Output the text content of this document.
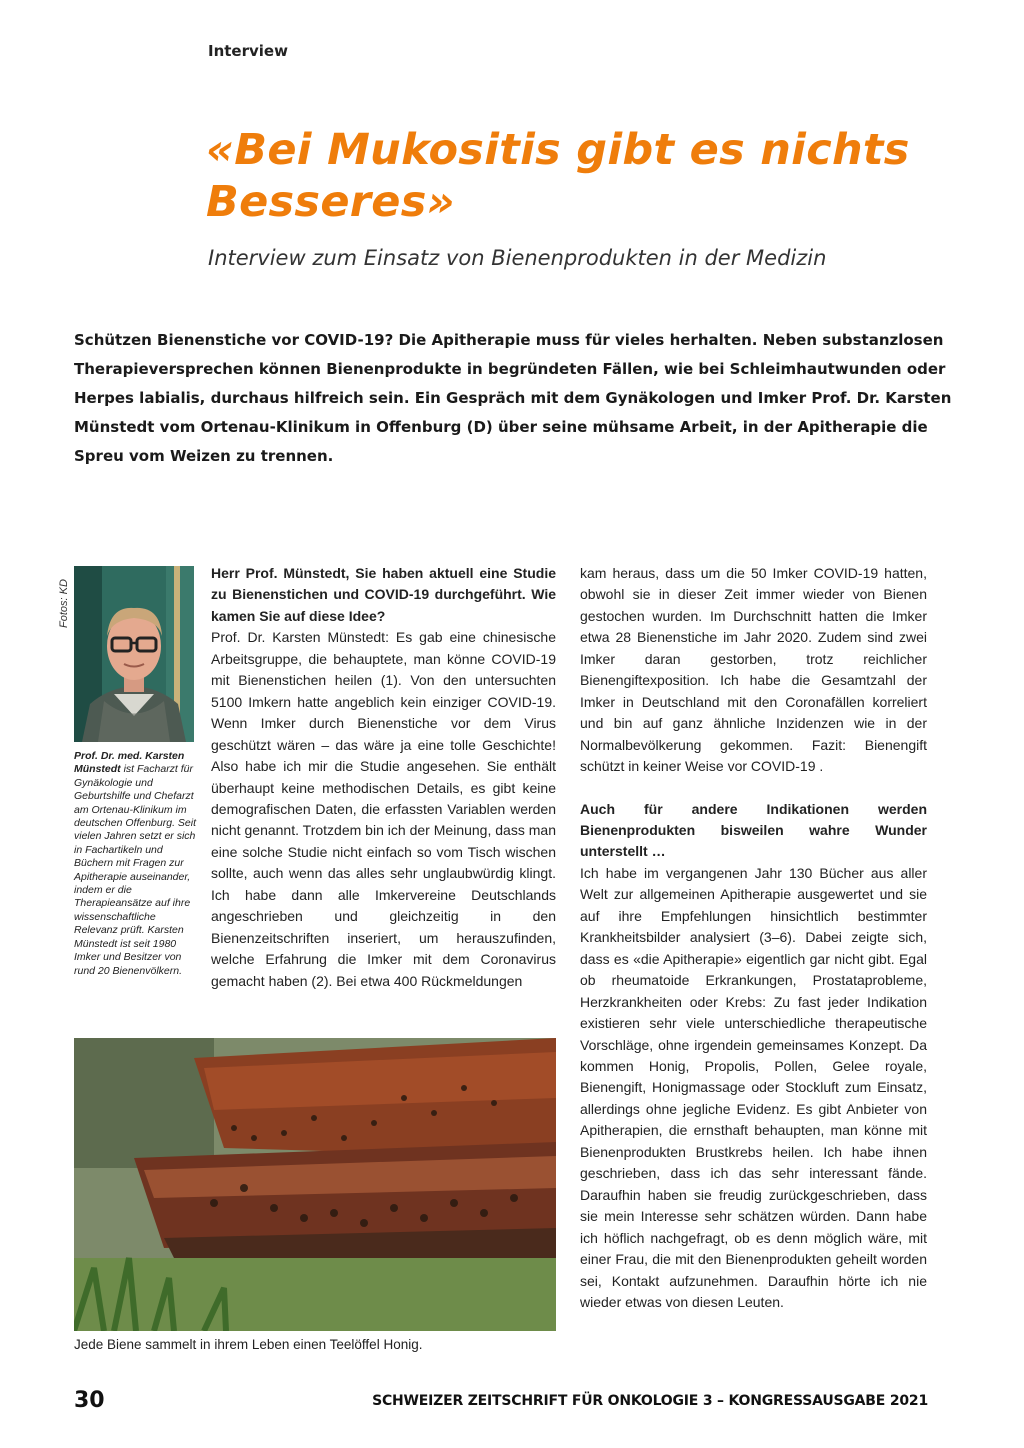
Interview
«Bei Mukositis gibt es nichts Besseres»

Interview zum Einsatz von Bienenprodukten in der Medizin

Schützen Bienenstiche vor COVID-19? Die Apitherapie muss für vieles herhalten. Neben substanzlosen Therapieversprechen können Bienenprodukte in begründeten Fällen, wie bei Schleimhautwunden oder Herpes labialis, durchaus hilfreich sein. Ein Gespräch mit dem Gynäkologen und Imker Prof. Dr. Karsten Münstedt vom Ortenau-Klinikum in Offenburg (D) über seine mühsame Arbeit, in der Apitherapie die Spreu vom Weizen zu trennen.

Fotos: KD

Prof. Dr. med. Karsten Münstedt ist Facharzt für Gynäkologie und Geburtshilfe und Chefarzt am Ortenau-Klinikum im deutschen Offenburg. Seit vielen Jahren setzt er sich in Fachartikeln und Büchern mit Fragen zur Apitherapie auseinander, indem er die Therapieansätze auf ihre wissenschaftliche Relevanz prüft. Karsten Münstedt ist seit 1980 Imker und Besitzer von rund 20 Bienenvölkern.

Herr Prof. Münstedt, Sie haben aktuell eine Studie zu Bienenstichen und COVID-19 durchgeführt. Wie kamen Sie auf diese Idee?

Prof. Dr. Karsten Münstedt: Es gab eine chinesische Arbeitsgruppe, die behauptete, man könne COVID-19 mit Bienenstichen heilen (1). Von den untersuchten 5100 Imkern hatte angeblich kein einziger COVID-19. Wenn Imker durch Bienenstiche vor dem Virus geschützt wären – das wäre ja eine tolle Geschichte! Also habe ich mir die Studie angesehen. Sie enthält überhaupt keine methodischen Details, es gibt keine demografischen Daten, die erfassten Variablen werden nicht genannt. Trotzdem bin ich der Meinung, dass man eine solche Studie nicht einfach so vom Tisch wischen sollte, auch wenn das alles sehr unglaubwürdig klingt. Ich habe dann alle Imkervereine Deutschlands angeschrieben und gleichzeitig in den Bienenzeitschriften inseriert, um herauszufinden, welche Erfahrung die Imker mit dem Coronavirus gemacht haben (2). Bei etwa 400 Rückmeldungen

kam heraus, dass um die 50 Imker COVID-19 hatten, obwohl sie in dieser Zeit immer wieder von Bienen gestochen wurden. Im Durchschnitt hatten die Imker etwa 28 Bienenstiche im Jahr 2020. Zudem sind zwei Imker daran gestorben, trotz reichlicher Bienengiftexposition. Ich habe die Gesamtzahl der Imker in Deutschland mit den Coronafällen korreliert und bin auf ganz ähnliche Inzidenzen wie in der Normalbevölkerung gekommen. Fazit: Bienengift schützt in keiner Weise vor COVID-19 .

Auch für andere Indikationen werden Bienenprodukten bisweilen wahre Wunder unterstellt …

Ich habe im vergangenen Jahr 130 Bücher aus aller Welt zur allgemeinen Apitherapie ausgewertet und sie auf ihre Empfehlungen hinsichtlich bestimmter Krankheitsbilder analysiert (3–6). Dabei zeigte sich, dass es «die Apitherapie» eigentlich gar nicht gibt. Egal ob rheumatoide Erkrankungen, Prostataprobleme, Herzkrankheiten oder Krebs: Zu fast jeder Indikation existieren sehr viele unterschiedliche therapeutische Vorschläge, ohne irgendein gemeinsames Konzept. Da kommen Honig, Propolis, Pollen, Gelee royale, Bienengift, Honigmassage oder Stockluft zum Einsatz, allerdings ohne jegliche Evidenz. Es gibt Anbieter von Apitherapien, die ernsthaft behaupten, man könne mit Bienenprodukten Brustkrebs heilen. Ich habe ihnen geschrieben, dass ich das sehr interessant fände. Daraufhin haben sie freudig zurückgeschrieben, dass sie mein Interesse sehr schätzen würden. Dann habe ich höflich nachgefragt, ob es denn möglich wäre, mit einer Frau, die mit den Bienenprodukten geheilt worden sei, Kontakt aufzunehmen. Daraufhin hörte ich nie wieder etwas von diesen Leuten.

Jede Biene sammelt in ihrem Leben einen Teelöffel Honig.

30	SCHWEIZER ZEITSCHRIFT FÜR ONKOLOGIE 3 – KONGRESSAUSGABE 2021
